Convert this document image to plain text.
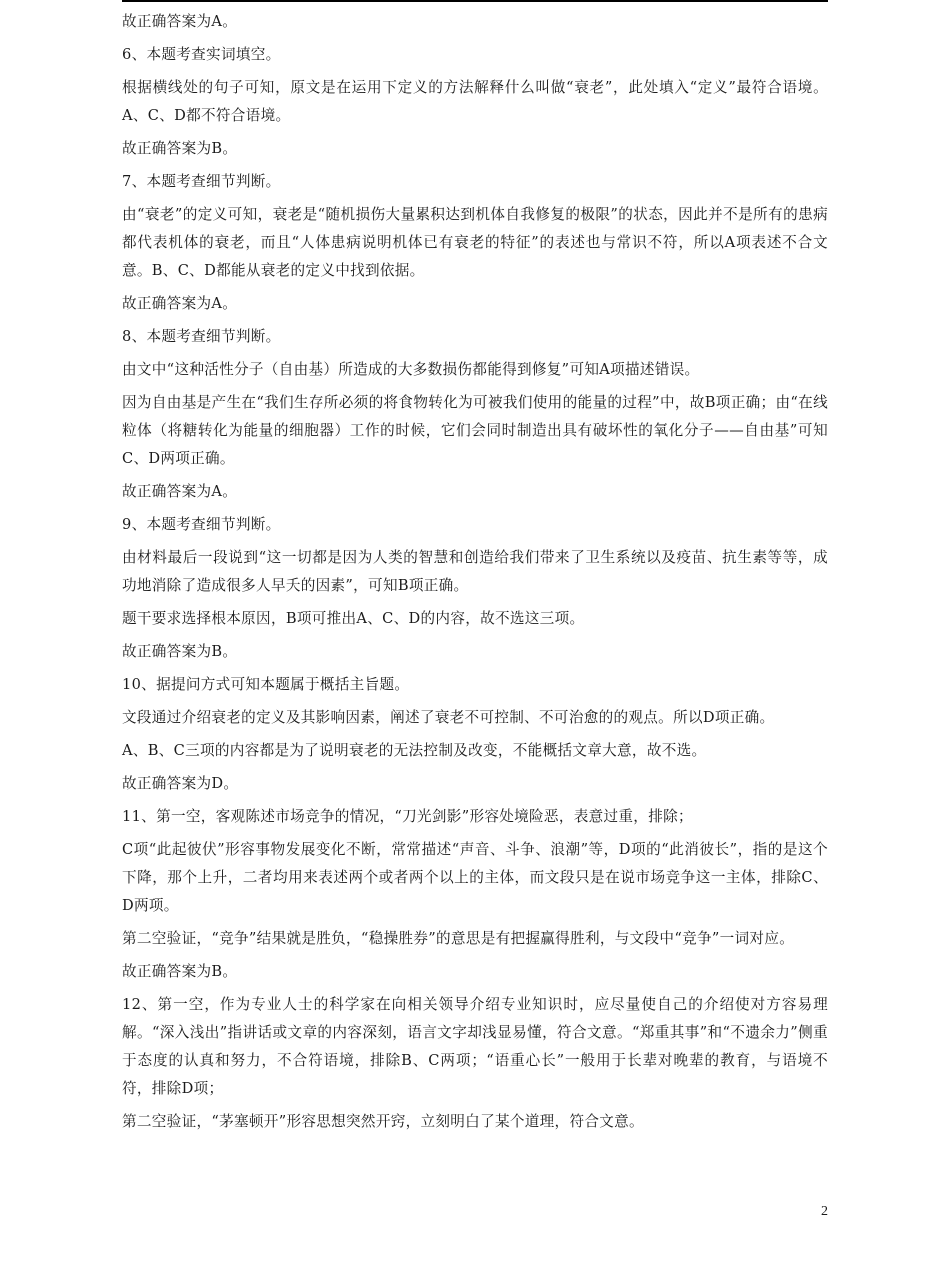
故正确答案为A。

6、本题考查实词填空。

根据横线处的句子可知，原文是在运用下定义的方法解释什么叫做“衰老”，此处填入“定义”最符合语境。A、C、D都不符合语境。

故正确答案为B。

7、本题考查细节判断。

由“衰老”的定义可知，衰老是“随机损伤大量累积达到机体自我修复的极限”的状态，因此并不是所有的患病都代表机体的衰老，而且“人体患病说明机体已有衰老的特征”的表述也与常识不符，所以A项表述不合文意。B、C、D都能从衰老的定义中找到依据。

故正确答案为A。

8、本题考查细节判断。

由文中“这种活性分子（自由基）所造成的大多数损伤都能得到修复”可知A项描述错误。

因为自由基是产生在“我们生存所必须的将食物转化为可被我们使用的能量的过程”中，故B项正确；由“在线粒体（将糖转化为能量的细胞器）工作的时候，它们会同时制造出具有破坏性的氧化分子——自由基”可知C、D两项正确。

故正确答案为A。

9、本题考查细节判断。

由材料最后一段说到“这一切都是因为人类的智慧和创造给我们带来了卫生系统以及疫苗、抗生素等等，成功地消除了造成很多人早夭的因素”，可知B项正确。

题干要求选择根本原因，B项可推出A、C、D的内容，故不选这三项。

故正确答案为B。

10、据提问方式可知本题属于概括主旨题。

文段通过介绍衰老的定义及其影响因素，阐述了衰老不可控制、不可治愈的的观点。所以D项正确。

A、B、C三项的内容都是为了说明衰老的无法控制及改变，不能概括文章大意，故不选。

故正确答案为D。

11、第一空，客观陈述市场竞争的情况，“刀光剑影”形容处境险恶，表意过重，排除；

C项“此起彼伏”形容事物发展变化不断，常常描述“声音、斗争、浪潮”等，D项的“此消彼长”，指的是这个下降，那个上升，二者均用来表述两个或者两个以上的主体，而文段只是在说市场竞争这一主体，排除C、D两项。

第二空验证，“竞争”结果就是胜负，“稳操胜券”的意思是有把握赢得胜利，与文段中“竞争”一词对应。

故正确答案为B。

12、第一空，作为专业人士的科学家在向相关领导介绍专业知识时，应尽量使自己的介绍使对方容易理解。“深入浅出”指讲话或文章的内容深刻，语言文字却浅显易懂，符合文意。“郑重其事”和“不遗余力”侧重于态度的认真和努力，不合符语境，排除B、C两项；“语重心长”一般用于长辈对晚辈的教育，与语境不符，排除D项；

第二空验证，“茅塞顿开”形容思想突然开窍，立刻明白了某个道理，符合文意。

2
